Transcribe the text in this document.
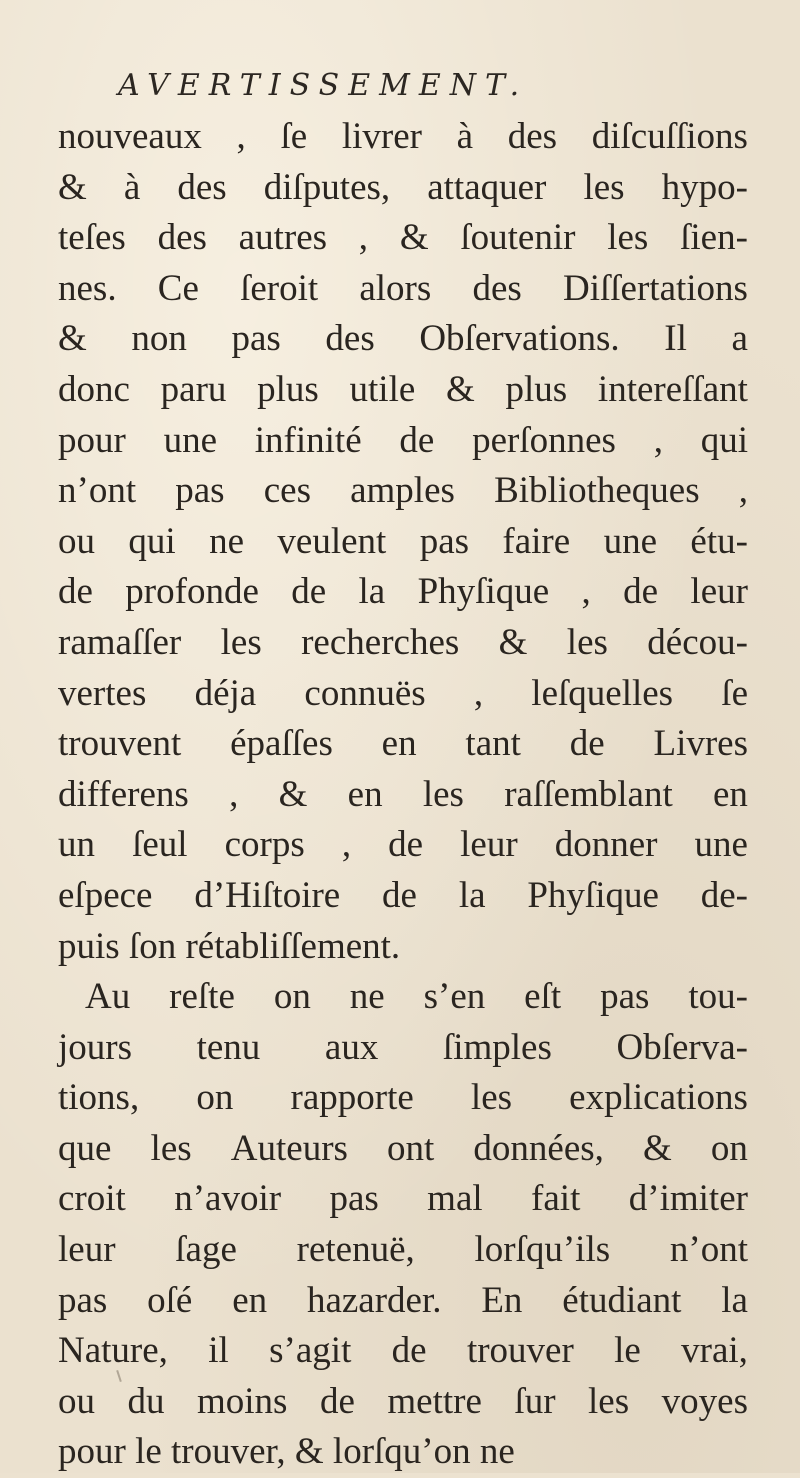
AVERTISSEMENT.
nouveaux , ſe livrer à des diſcuſſions
& à des diſputes, attaquer les hypo-
teſes des autres , & ſoutenir les ſien-
nes. Ce ſeroit alors des Diſſertations
& non pas des Obſervations. Il a
donc paru plus utile & plus intereſſant
pour une infinité de perſonnes , qui
n’ont pas ces amples Bibliotheques ,
ou qui ne veulent pas faire une étu-
de profonde de la Phyſique , de leur
ramaſſer les recherches & les décou-
vertes déja connuës , leſquelles ſe
trouvent épaſſes en tant de Livres
differens , & en les raſſemblant en
un ſeul corps , de leur donner une
eſpece d’Hiſtoire de la Phyſique de-
puis ſon rétabliſſement.
Au reſte on ne s’en eſt pas tou-
jours tenu aux ſimples Obſerva-
tions, on rapporte les explications
que les Auteurs ont données, & on
croit n’avoir pas mal fait d’imiter
leur ſage retenuë, lorſqu’ils n’ont
pas oſé en hazarder. En étudiant la
Nature, il s’agit de trouver le vrai,
ou du moins de mettre ſur les voyes
pour le trouver, & lorſqu’on ne
